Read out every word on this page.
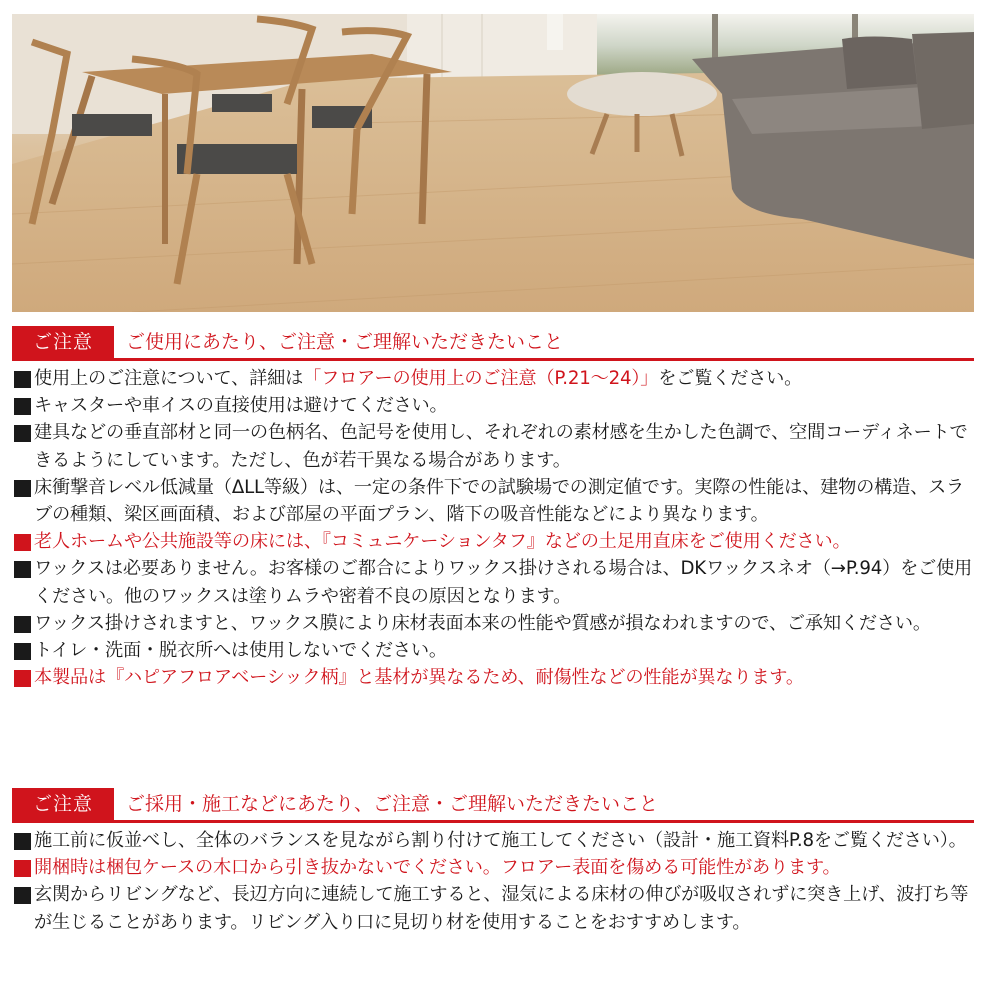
ご注意	ご使用にあたり、ご注意・ご理解いただきたいこと
使用上のご注意について、詳細は「フロアーの使用上のご注意（P.21〜24）」をご覧ください。
キャスターや車イスの直接使用は避けてください。
建具などの垂直部材と同一の色柄名、色記号を使用し、それぞれの素材感を生かした色調で、空間コーディネートできるようにしています。ただし、色が若干異なる場合があります。
床衝撃音レベル低減量（ΔLL等級）は、一定の条件下での試験場での測定値です。実際の性能は、建物の構造、スラブの種類、梁区画面積、および部屋の平面プラン、階下の吸音性能などにより異なります。
老人ホームや公共施設等の床には、『コミュニケーションタフ』などの土足用直床をご使用ください。
ワックスは必要ありません。お客様のご都合によりワックス掛けされる場合は、DKワックスネオ（→P.94）をご使用ください。他のワックスは塗りムラや密着不良の原因となります。
ワックス掛けされますと、ワックス膜により床材表面本来の性能や質感が損なわれますので、ご承知ください。
トイレ・洗面・脱衣所へは使用しないでください。
本製品は『ハピアフロアベーシック柄』と基材が異なるため、耐傷性などの性能が異なります。
ご注意	ご採用・施工などにあたり、ご注意・ご理解いただきたいこと
施工前に仮並べし、全体のバランスを見ながら割り付けて施工してください（設計・施工資料P.8をご覧ください）。
開梱時は梱包ケースの木口から引き抜かないでください。フロアー表面を傷める可能性があります。
玄関からリビングなど、長辺方向に連続して施工すると、湿気による床材の伸びが吸収されずに突き上げ、波打ち等が生じることがあります。リビング入り口に見切り材を使用することをおすすめします。
